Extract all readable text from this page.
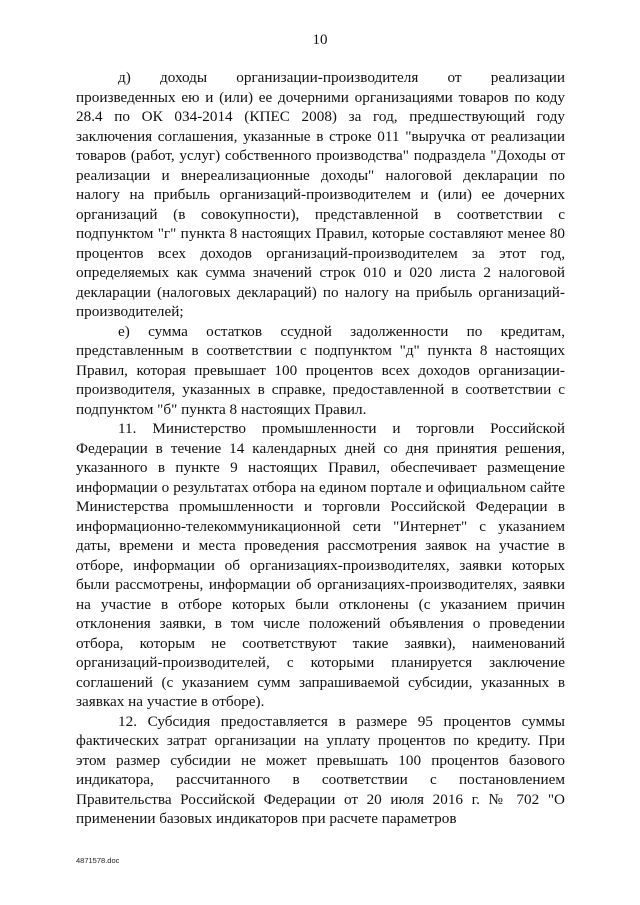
10

д) доходы организации-производителя от реализации произведенных ею и (или) ее дочерними организациями товаров по коду 28.4 по ОК 034-2014 (КПЕС 2008) за год, предшествующий году заключения соглашения, указанные в строке 011 "выручка от реализации товаров (работ, услуг) собственного производства" подраздела "Доходы от реализации и внереализационные доходы" налоговой декларации по налогу на прибыль организаций-производителем и (или) ее дочерних организаций (в совокупности), представленной в соответствии с подпунктом "г" пункта 8 настоящих Правил, которые составляют менее 80 процентов всех доходов организаций-производителем за этот год, определяемых как сумма значений строк 010 и 020 листа 2 налоговой декларации (налоговых деклараций) по налогу на прибыль организаций-производителей;

е) сумма остатков ссудной задолженности по кредитам, представленным в соответствии с подпунктом "д" пункта 8 настоящих Правил, которая превышает 100 процентов всех доходов организации-производителя, указанных в справке, предоставленной в соответствии с подпунктом "б" пункта 8 настоящих Правил.

11. Министерство промышленности и торговли Российской Федерации в течение 14 календарных дней со дня принятия решения, указанного в пункте 9 настоящих Правил, обеспечивает размещение информации о результатах отбора на едином портале и официальном сайте Министерства промышленности и торговли Российской Федерации в информационно-телекоммуникационной сети "Интернет" с указанием даты, времени и места проведения рассмотрения заявок на участие в отборе, информации об организациях-производителях, заявки которых были рассмотрены, информации об организациях-производителях, заявки на участие в отборе которых были отклонены (с указанием причин отклонения заявки, в том числе положений объявления о проведении отбора, которым не соответствуют такие заявки), наименований организаций-производителей, с которыми планируется заключение соглашений (с указанием сумм запрашиваемой субсидии, указанных в заявках на участие в отборе).

12. Субсидия предоставляется в размере 95 процентов суммы фактических затрат организации на уплату процентов по кредиту. При этом размер субсидии не может превышать 100 процентов базового индикатора, рассчитанного в соответствии с постановлением Правительства Российской Федерации от 20 июля 2016 г. № 702 "О применении базовых индикаторов при расчете параметров

4871578.doc
